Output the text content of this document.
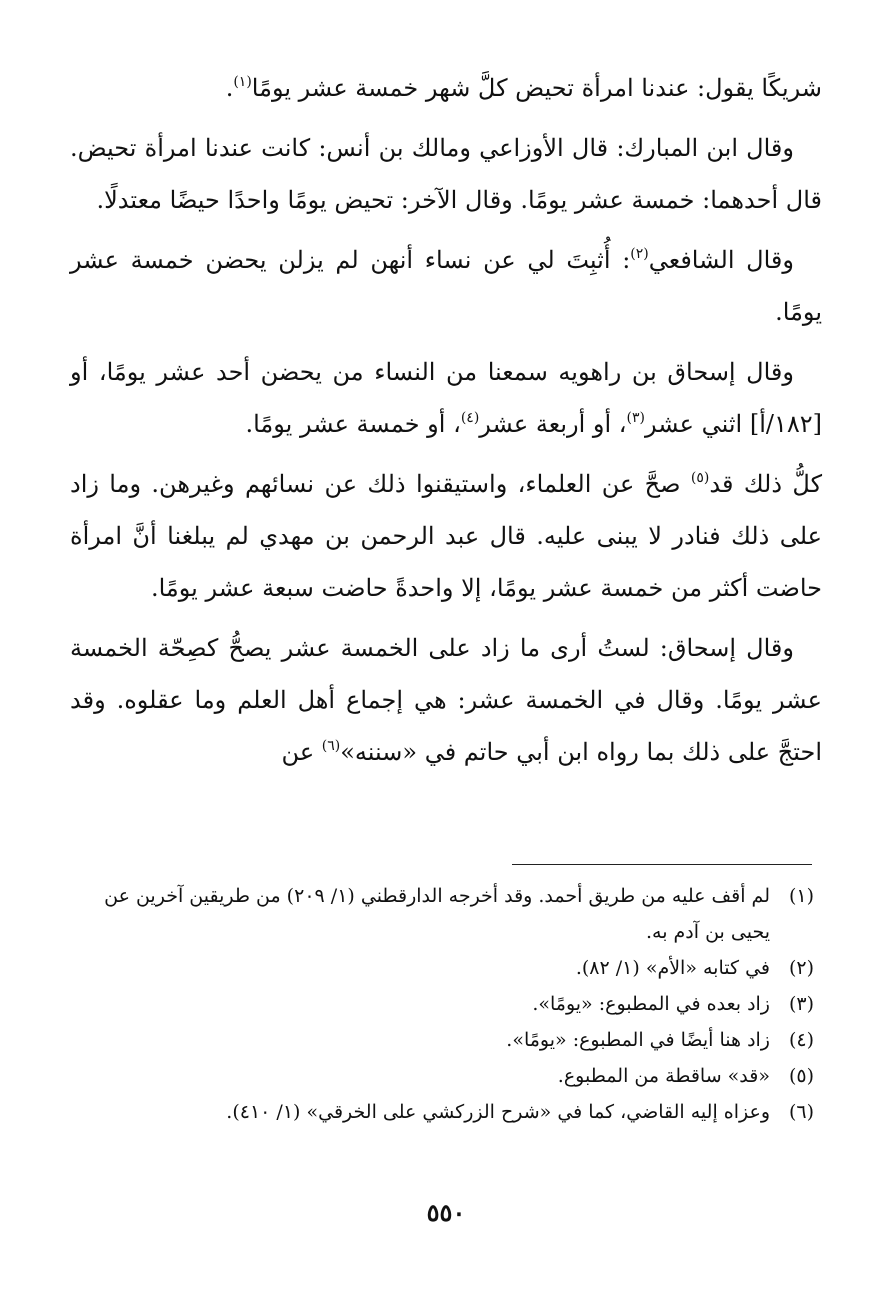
شريكًا يقول: عندنا امرأة تحيض كلَّ شهر خمسة عشر يومًا$^{(١)}$.

وقال ابن المبارك: قال الأوزاعي ومالك بن أنس: كانت عندنا امرأة تحيض. قال أحدهما: خمسة عشر يومًا. وقال الآخر: تحيض يومًا واحدًا حيضًا معتدلًا.

وقال الشافعي$^{(٢)}$: أُثبِتَ لي عن نساء أنهن لم يزلن يحضن خمسة عشر يومًا.

وقال إسحاق بن راهويه سمعنا من النساء من يحضن أحد عشر يومًا، أو [١٨٢/أ] اثني عشر$^{(٣)}$، أو أربعة عشر$^{(٤)}$، أو خمسة عشر يومًا.

كلُّ ذلك قد$^{(٥)}$ صحَّ عن العلماء، واستيقنوا ذلك عن نسائهم وغيرهن. وما زاد على ذلك فنادر لا يبنى عليه. قال عبد الرحمن بن مهدي لم يبلغنا أنَّ امرأة حاضت أكثر من خمسة عشر يومًا، إلا واحدةً حاضت سبعة عشر يومًا.

وقال إسحاق: لستُ أرى ما زاد على الخمسة عشر يصحُّ كصِحّة الخمسة عشر يومًا. وقال في الخمسة عشر: هي إجماع أهل العلم وما عقلوه. وقد احتجَّ على ذلك بما رواه ابن أبي حاتم في «سننه»$^{(٦)}$ عن

(١)
لم أقف عليه من طريق أحمد. وقد أخرجه الدارقطني (١/ ٢٠٩) من طريقين آخرين عن يحيى بن آدم به.
(٢)
في كتابه «الأم» (١/ ٨٢).
(٣)
زاد بعده في المطبوع: «يومًا».
(٤)
زاد هنا أيضًا في المطبوع: «يومًا».
(٥)
«قد» ساقطة من المطبوع.
(٦)
وعزاه إليه القاضي، كما في «شرح الزركشي على الخرقي» (١/ ٤١٠).
٥٥٠
